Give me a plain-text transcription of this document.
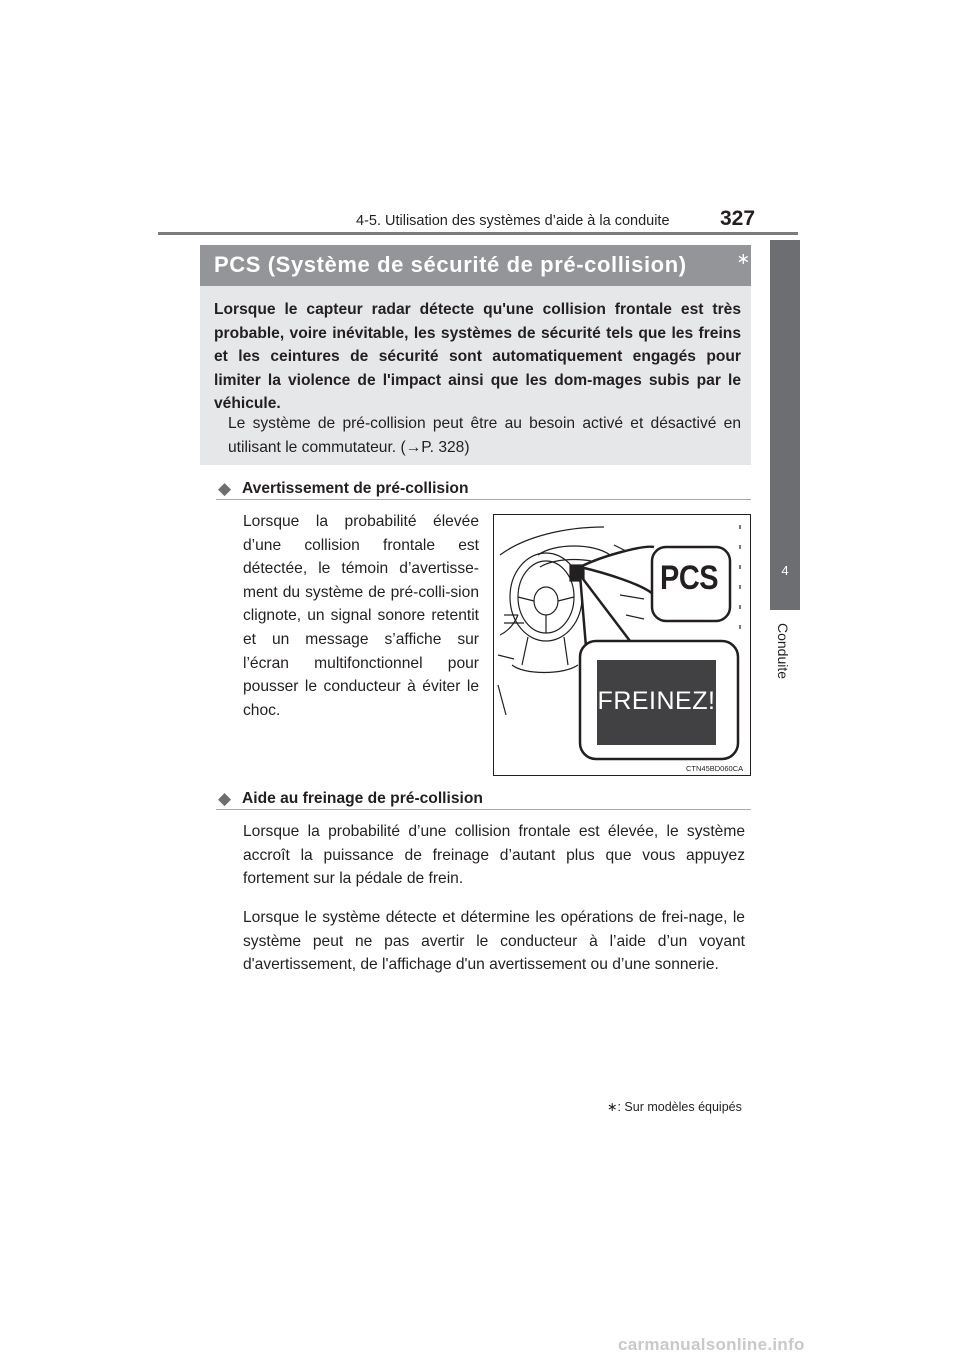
4-5. Utilisation des systèmes d’aide à la conduite 327
4
Conduite
PCS (Système de sécurité de pré-collision)	∗
Lorsque le capteur radar détecte qu'une collision frontale est très probable, voire inévitable, les systèmes de sécurité tels que les freins et les ceintures de sécurité sont automatiquement engagés pour limiter la violence de l'impact ainsi que les dom-mages subis par le véhicule.
Le système de pré-collision peut être au besoin activé et désactivé en utilisant le commutateur. (→P. 328)
◆ Avertissement de pré-collision
Lorsque la probabilité élevée d’une collision frontale est détectée, le témoin d’avertisse-ment du système de pré-colli-sion clignote, un signal sonore retentit et un message s’affiche sur l’écran multifonctionnel pour pousser le conducteur à éviter le choc.
PCS
FREINEZ!
CTN45BD060CA
◆ Aide au freinage de pré-collision
Lorsque la probabilité d’une collision frontale est élevée, le système accroît la puissance de freinage d’autant plus que vous appuyez fortement sur la pédale de frein.
Lorsque le système détecte et détermine les opérations de frei-nage, le système peut ne pas avertir le conducteur à l’aide d’un voyant d'avertissement, de l'affichage d'un avertissement ou d’une sonnerie.
∗: Sur modèles équipés
carmanualsonline.info
